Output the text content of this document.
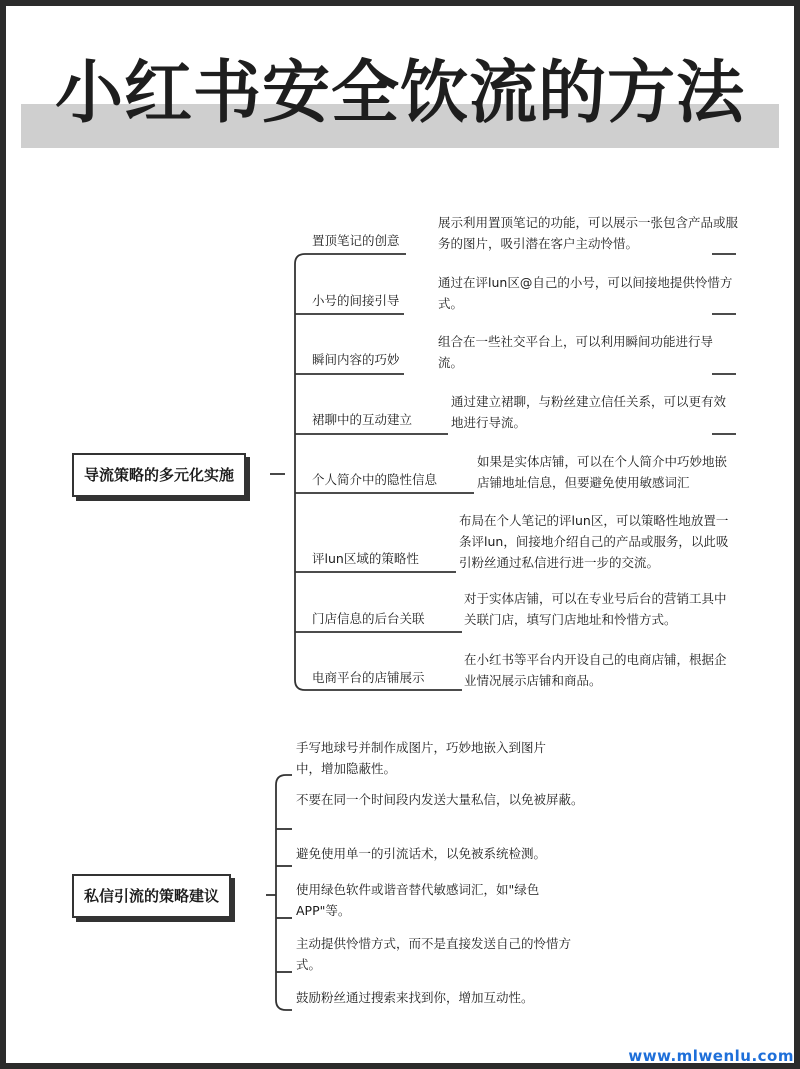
小红书安全饮流的方法
导流策略的多元化实施
置顶笔记的创意
展示利用置顶笔记的功能，可以展示一张包含产品或服务的图片，吸引潜在客户主动怜惜。
小号的间接引导
通过在评lun区@自己的小号，可以间接地提供怜惜方式。
瞬间内容的巧妙
组合在一些社交平台上，可以利用瞬间功能进行导流。
裙聊中的互动建立
通过建立裙聊，与粉丝建立信任关系，可以更有效地进行导流。
个人简介中的隐性信息
如果是实体店铺，可以在个人简介中巧妙地嵌店铺地址信息，但要避免使用敏感词汇
评lun区域的策略性
布局在个人笔记的评lun区，可以策略性地放置一条评lun，间接地介绍自己的产品或服务，以此吸引粉丝通过私信进行进一步的交流。
门店信息的后台关联
对于实体店铺，可以在专业号后台的营销工具中关联门店，填写门店地址和怜惜方式。
电商平台的店铺展示
在小红书等平台内开设自己的电商店铺，根据企业情况展示店铺和商品。
私信引流的策略建议
手写地球号并制作成图片，巧妙地嵌入到图片中，增加隐蔽性。
不要在同一个时间段内发送大量私信，以免被屏蔽。
避免使用单一的引流话术，以免被系统检测。
使用绿色软件或谐音替代敏感词汇，如"绿色APP"等。
主动提供怜惜方式，而不是直接发送自己的怜惜方式。
鼓励粉丝通过搜索来找到你，增加互动性。
www.mlwenlu.com
